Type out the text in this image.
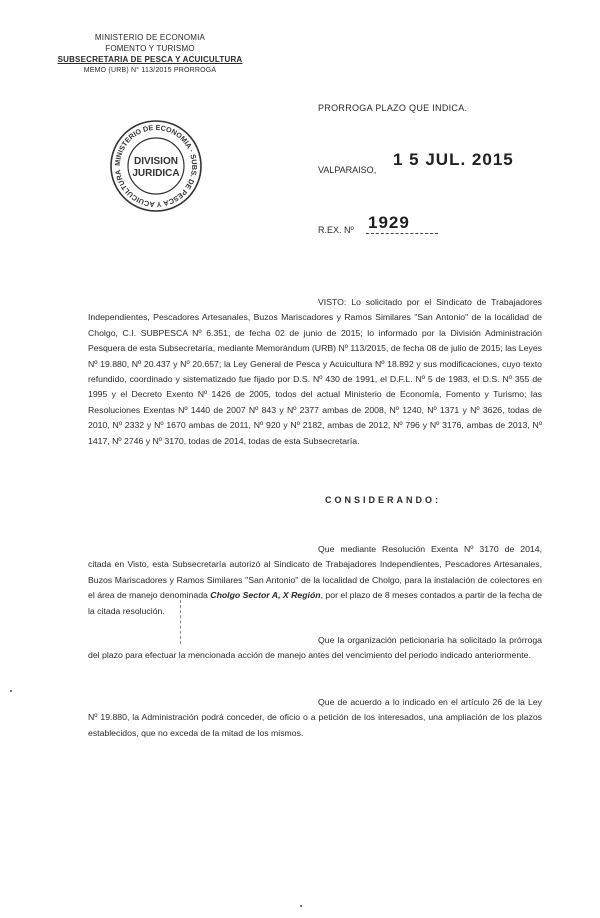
MINISTERIO DE ECONOMIA
FOMENTO Y TURISMO
SUBSECRETARIA DE PESCA Y ACUICULTURA
MEMO (URB) N° 113/2015 PRORROGA
MINISTERIO DE ECONOMIA · SUBS. DE PESCA Y ACUICULTURA
DIVISION
JURIDICA
PRORROGA PLAZO QUE INDICA.
VALPARAISO,
1 5 JUL. 2015
R.EX. Nº 1929
VISTO: Lo solicitado por el Sindicato de Trabajadores Independientes, Pescadores Artesanales, Buzos Mariscadores y Ramos Similares "San Antonio" de la localidad de Cholgo, C.I. SUBPESCA Nº 6.351, de fecha 02 de junio de 2015; lo informado por la División Administración Pesquera de esta Subsecretaría, mediante Memorándum (URB) Nº 113/2015, de fecha 08 de julio de 2015; las Leyes Nº 19.880, Nº 20.437 y Nº 20.657; la Ley General de Pesca y Acuicultura Nº 18.892 y sus modificaciones, cuyo texto refundido, coordinado y sistematizado fue fijado por D.S. Nº 430 de 1991, el D.F.L. Nº 5 de 1983, el D.S. Nº 355 de 1995 y el Decreto Exento Nº 1426 de 2005, todos del actual Ministerio de Economía, Fomento y Turismo; las Resoluciones Exentas Nº 1440 de 2007 Nº 843 y Nº 2377 ambas de 2008, Nº 1240, Nº 1371 y Nº 3626, todas de 2010, Nº 2332 y Nº 1670 ambas de 2011, Nº 920 y Nº 2182, ambas de 2012, Nº 796 y Nº 3176, ambas de 2013, Nº 1417, Nº 2746 y Nº 3170, todas de 2014, todas de esta Subsecretaría.
CONSIDERANDO:
Que mediante Resolución Exenta Nº 3170 de 2014, citada en Visto, esta Subsecretaría autorizó al Sindicato de Trabajadores Independientes, Pescadores Artesanales, Buzos Mariscadores y Ramos Similares "San Antonio" de la localidad de Cholgo, para la instalación de colectores en el área de manejo denominada Cholgo Sector A, X Región, por el plazo de 8 meses contados a partir de la fecha de la citada resolución.
Que la organización peticionaria ha solicitado la prórroga del plazo para efectuar la mencionada acción de manejo antes del vencimiento del periodo indicado anteriormente.
Que de acuerdo a lo indicado en el artículo 26 de la Ley Nº 19.880, la Administración podrá conceder, de oficio o a petición de los interesados, una ampliación de los plazos establecidos, que no exceda de la mitad de los mismos.
